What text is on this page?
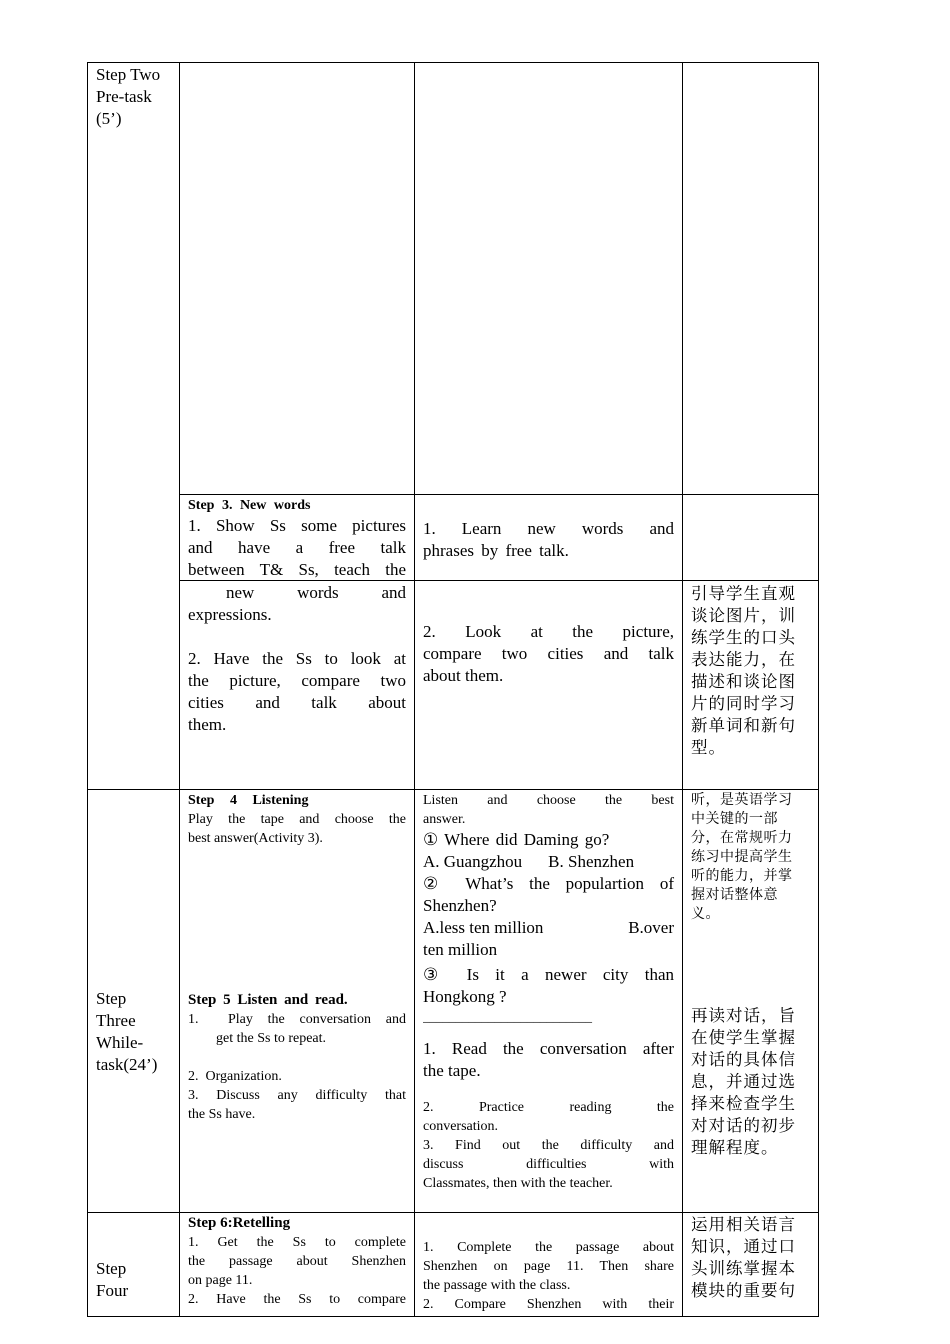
Step Two

Pre-task

(5’)

Step 3. New words

1. Show Ss some pictures

and have a free talk

between T& Ss, teach the

1. Learn new words and

phrases by free talk.

new words and

expressions.

2. Have the Ss to look at

the picture, compare two

cities and talk about

them.

2. Look at the picture,

compare two cities and talk

about them.

引导学生直观

谈论图片，训

练学生的口头

表达能力，在

描述和谈论图

片的同时学习

新单词和新句

型。

Step

Three

While-

task(24’)

Step 4 Listening

Play the tape and choose the

best answer(Activity 3).

Step 5 Listen and read.

1.  Play the conversation and

get the Ss to repeat.

2.  Organization.

3. Discuss any difficulty that

the Ss have.

Listen and choose the best

answer.

① Where did Daming go?

A. Guangzhou B. Shenzhen

② What’s the populartion of

Shenzhen?

A.less ten million	B.over

ten million

③ Is it a newer city than

Hongkong ?

__________________________

1. Read the conversation after

the tape.

2. Practice reading the

conversation.

3. Find out the difficulty and

discuss difficulties with

Classmates, then with the teacher.

听，是英语学习

中关键的一部

分，在常规听力

练习中提高学生

听的能力，并掌

握对话整体意

义。

再读对话，旨

在使学生掌握

对话的具体信

息，并通过选

择来检查学生

对对话的初步

理解程度。

Step

Four

Step 6:Retelling

1. Get the Ss to complete

the passage about Shenzhen

on page 11.

2. Have the Ss to compare

1. Complete the passage about

Shenzhen on page 11. Then share

the passage with the class.

2. Compare Shenzhen with their

运用相关语言

知识，通过口

头训练掌握本

模块的重要句
